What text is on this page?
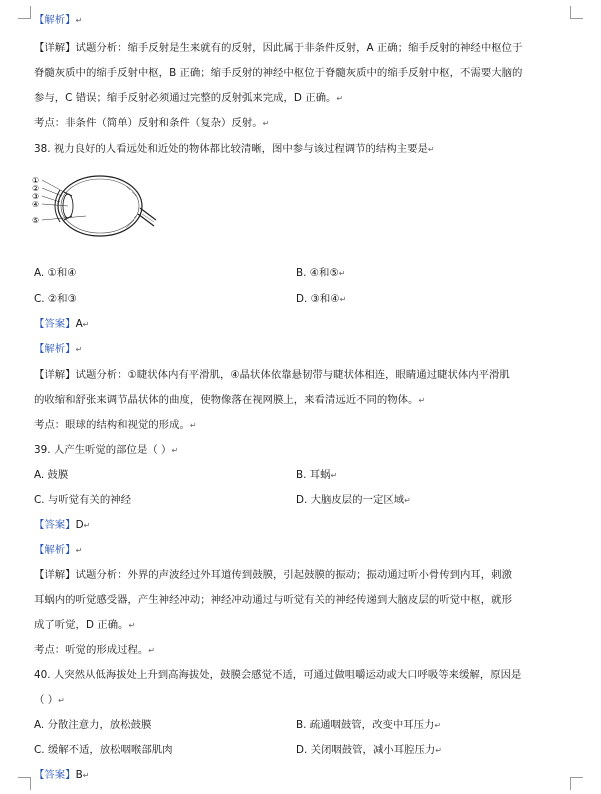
【解析】↵
【详解】试题分析：缩手反射是生来就有的反射，因此属于非条件反射，A 正确；缩手反射的神经中枢位于
脊髓灰质中的缩手反射中枢，B 正确；缩手反射的神经中枢位于脊髓灰质中的缩手反射中枢，不需要大脑的
参与，C 错误；缩手反射必须通过完整的反射弧来完成，D 正确。↵
考点：非条件（简单）反射和条件（复杂）反射。↵
38. 视力良好的人看远处和近处的物体都比较清晰，图中参与该过程调节的结构主要是↵
①
②
③
④
⑤
A. ①和④	B. ④和⑤↵
C. ②和③	D. ③和④↵
【答案】A↵
【解析】↵
【详解】试题分析：①睫状体内有平滑肌，④晶状体依靠悬韧带与睫状体相连，眼睛通过睫状体内平滑肌
的收缩和舒张来调节晶状体的曲度，使物像落在视网膜上，来看清远近不同的物体。↵
考点：眼球的结构和视觉的形成。↵
39. 人产生听觉的部位是（ ）↵
A. 鼓膜	B. 耳蜗↵
C. 与听觉有关的神经	D. 大脑皮层的一定区域↵
【答案】D↵
【解析】↵
【详解】试题分析：外界的声波经过外耳道传到鼓膜，引起鼓膜的振动；振动通过听小骨传到内耳，刺激
耳蜗内的听觉感受器，产生神经冲动；神经冲动通过与听觉有关的神经传递到大脑皮层的听觉中枢，就形
成了听觉，D 正确。↵
考点：听觉的形成过程。↵
40. 人突然从低海拔处上升到高海拔处，鼓膜会感觉不适，可通过做咀嚼运动或大口呼吸等来缓解，原因是
（ ）↵
A. 分散注意力，放松鼓膜	B. 疏通咽鼓管，改变中耳压力↵
C. 缓解不适，放松咽喉部肌肉	D. 关闭咽鼓管，减小耳腔压力↵
【答案】B↵
